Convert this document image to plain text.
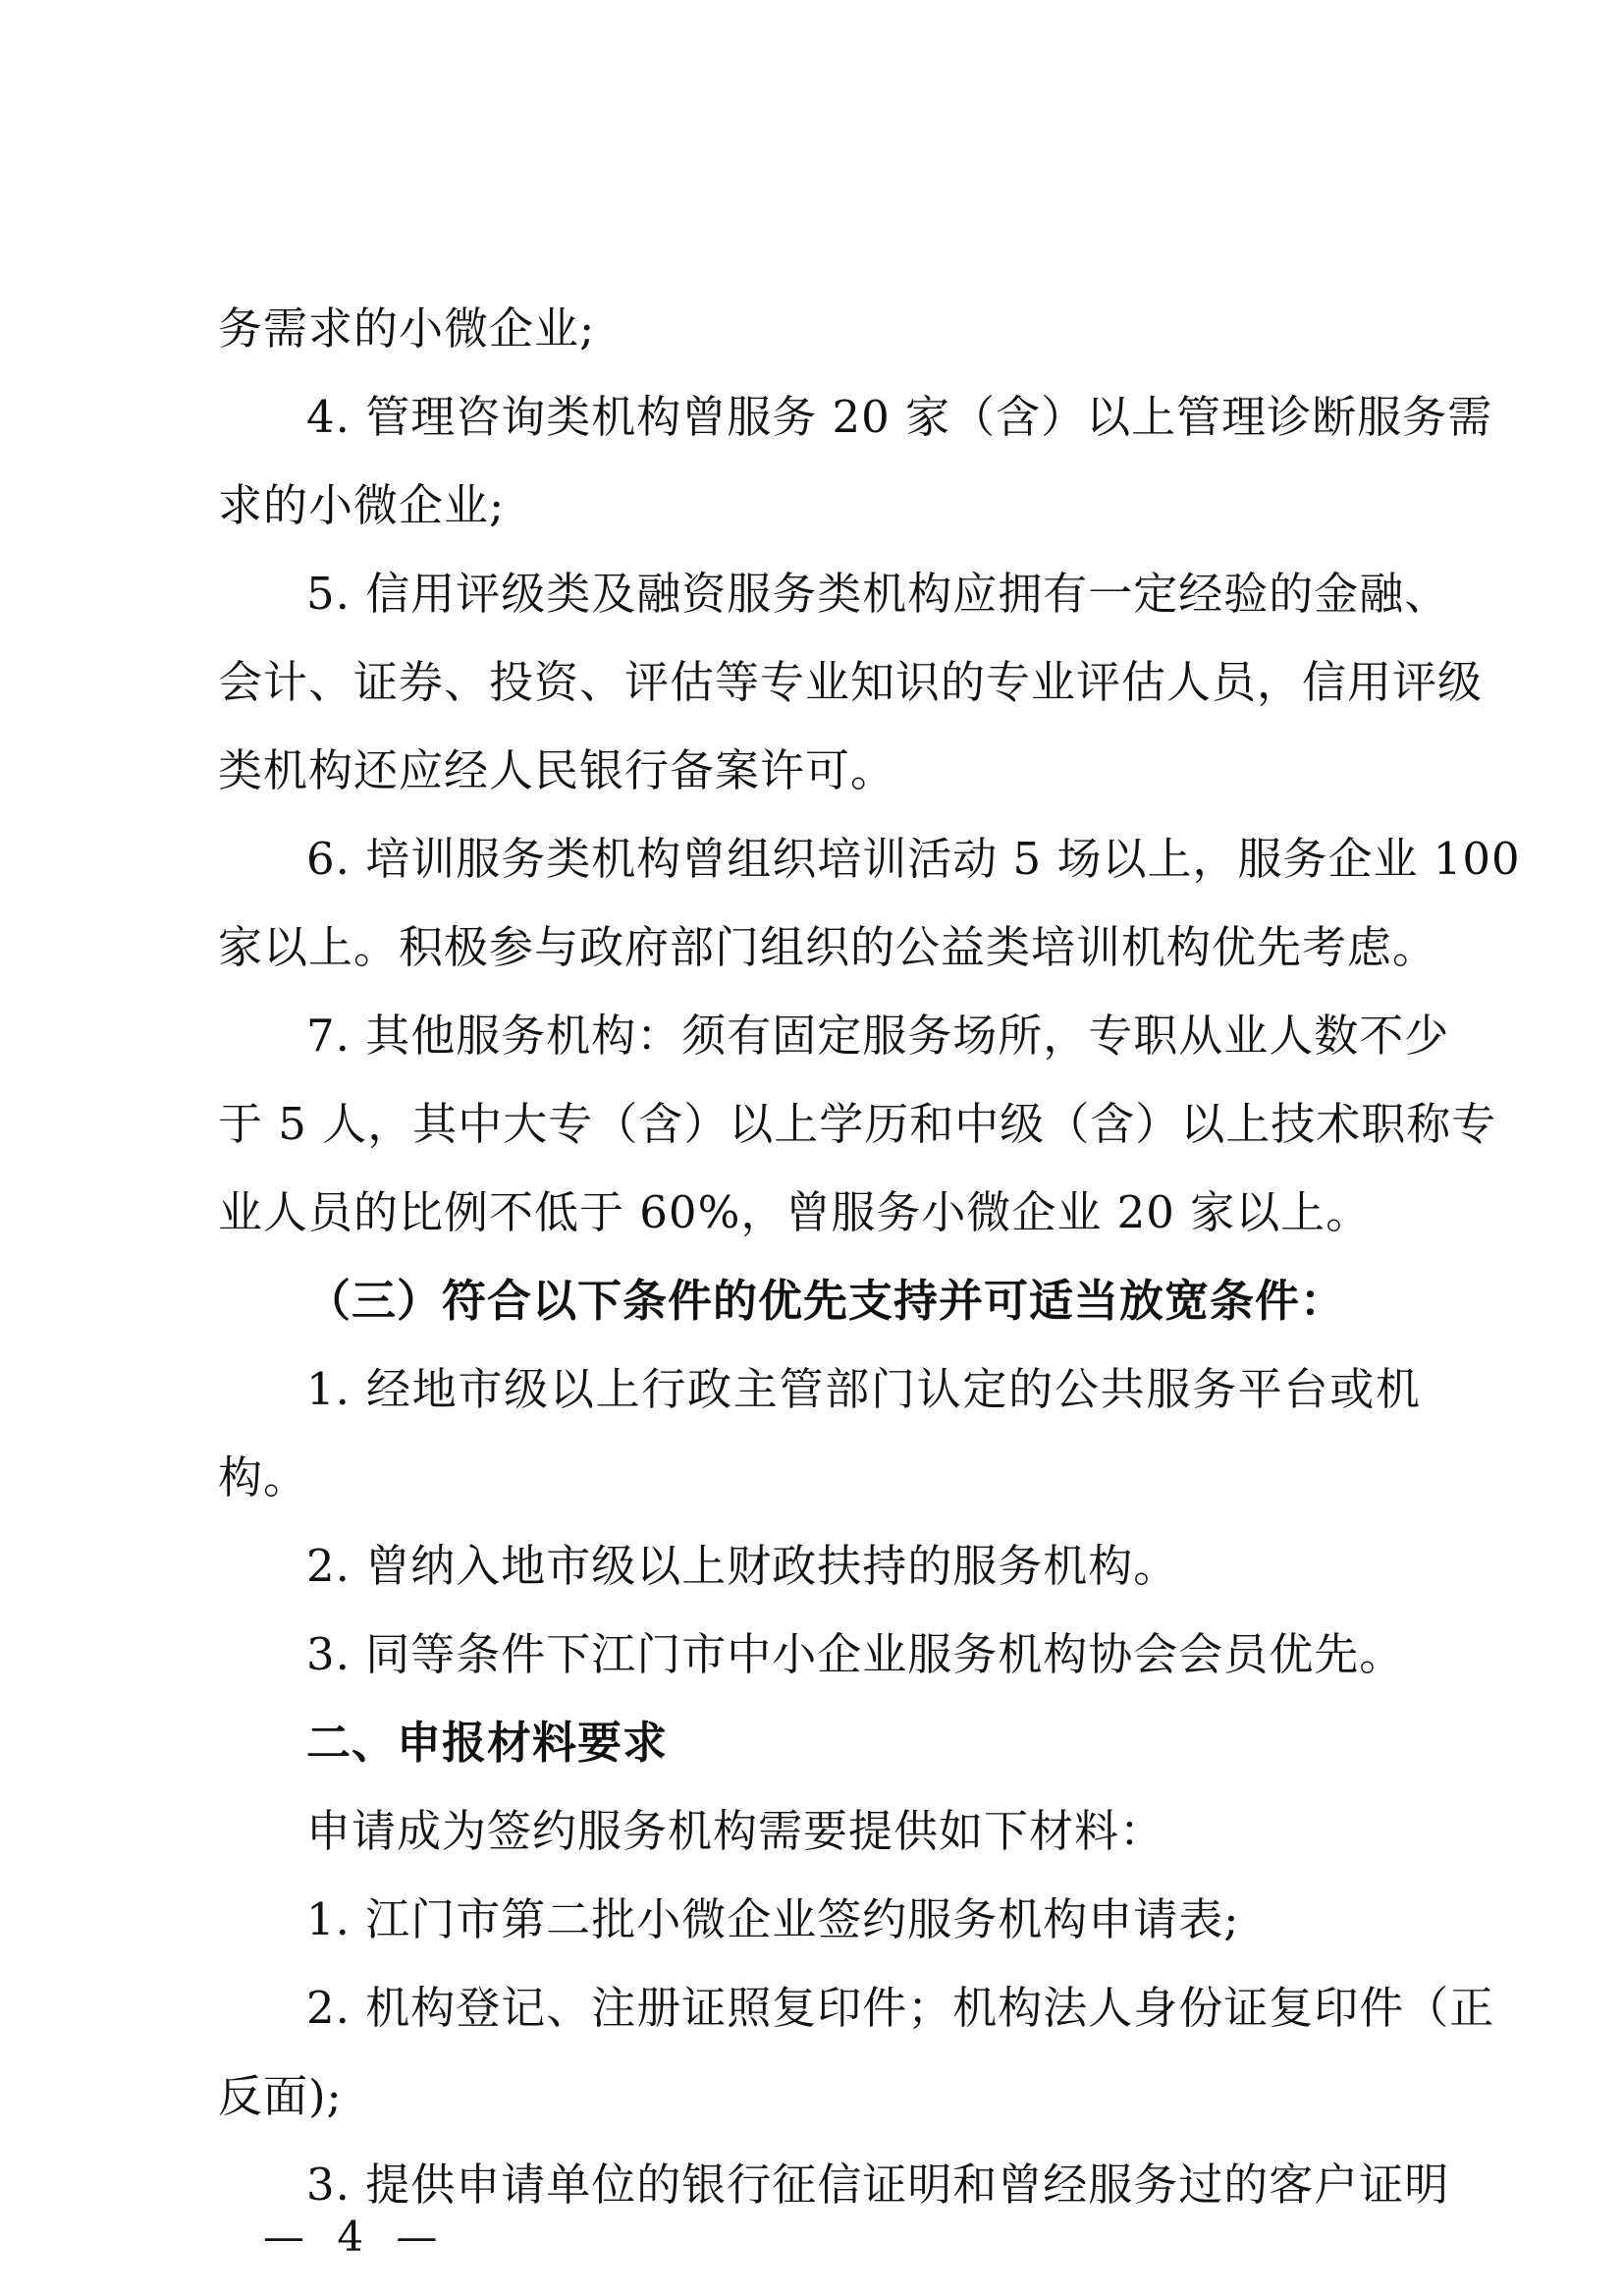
务需求的小微企业;
4. 管理咨询类机构曾服务 20 家（含）以上管理诊断服务需
求的小微企业;
5. 信用评级类及融资服务类机构应拥有一定经验的金融、
会计、证券、投资、评估等专业知识的专业评估人员，信用评级
类机构还应经人民银行备案许可。
6. 培训服务类机构曾组织培训活动 5 场以上，服务企业 100
家以上。积极参与政府部门组织的公益类培训机构优先考虑。
7. 其他服务机构：须有固定服务场所，专职从业人数不少
于 5 人，其中大专（含）以上学历和中级（含）以上技术职称专
业人员的比例不低于 60%，曾服务小微企业 20 家以上。
（三）符合以下条件的优先支持并可适当放宽条件：
1. 经地市级以上行政主管部门认定的公共服务平台或机
构。
2. 曾纳入地市级以上财政扶持的服务机构。
3. 同等条件下江门市中小企业服务机构协会会员优先。
二、申报材料要求
申请成为签约服务机构需要提供如下材料：
1. 江门市第二批小微企业签约服务机构申请表;
2. 机构登记、注册证照复印件；机构法人身份证复印件（正
反面);
3. 提供申请单位的银行征信证明和曾经服务过的客户证明
— 4 —
